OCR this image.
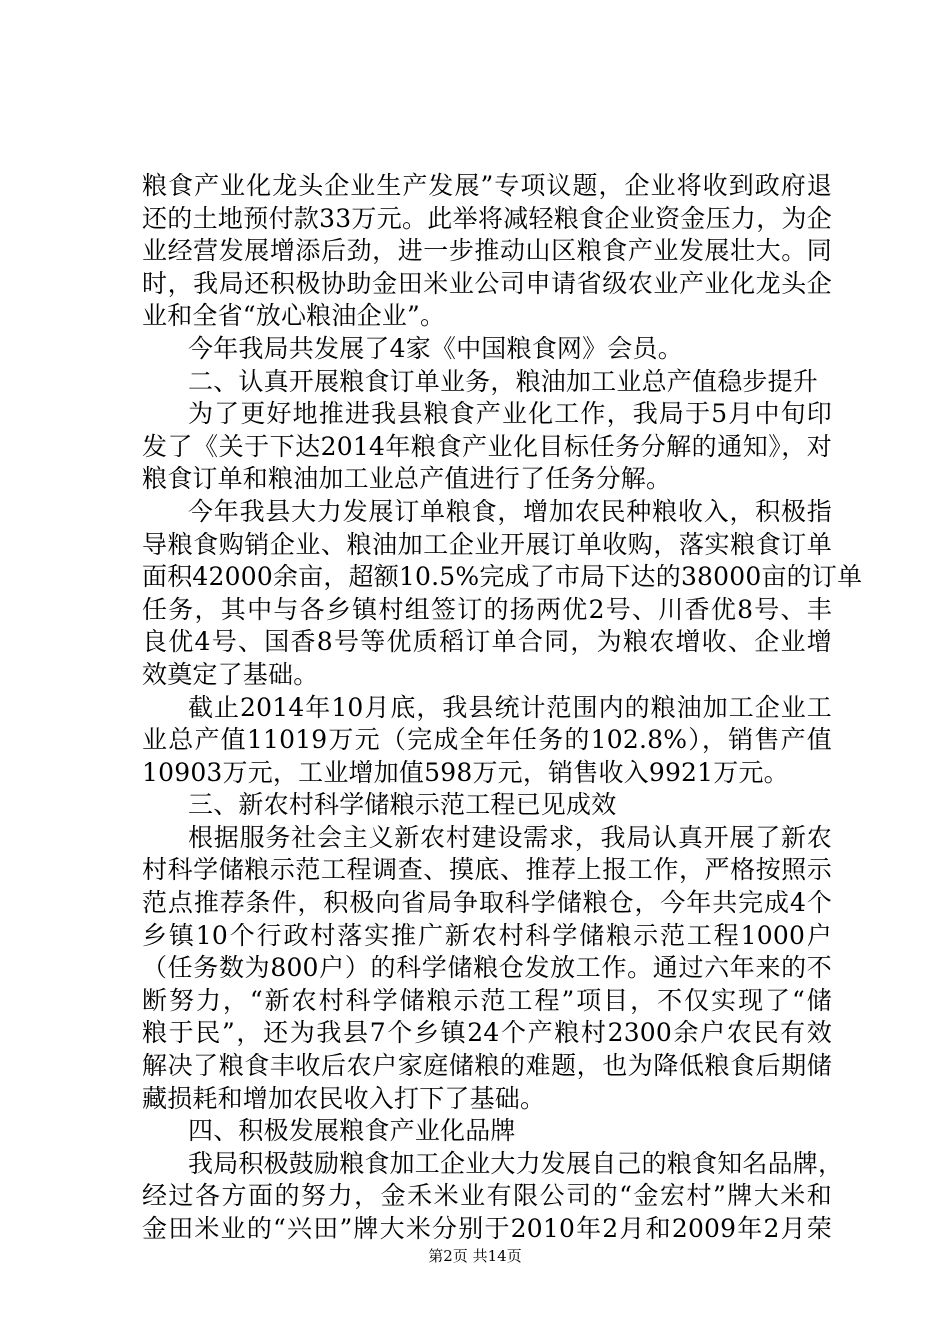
粮食产业化龙头企业生产发展”专项议题，企业将收到政府退
还的土地预付款33万元。此举将减轻粮食企业资金压力，为企
业经营发展增添后劲，进一步推动山区粮食产业发展壮大。同
时，我局还积极协助金田米业公司申请省级农业产业化龙头企
业和全省“放心粮油企业”。
今年我局共发展了4家《中国粮食网》会员。
二、认真开展粮食订单业务，粮油加工业总产值稳步提升
为了更好地推进我县粮食产业化工作，我局于5月中旬印
发了《关于下达2014年粮食产业化目标任务分解的通知》，对
粮食订单和粮油加工业总产值进行了任务分解。
今年我县大力发展订单粮食，增加农民种粮收入，积极指
导粮食购销企业、粮油加工企业开展订单收购，落实粮食订单
面积42000余亩，超额10.5%完成了市局下达的38000亩的订单
任务，其中与各乡镇村组签订的扬两优2号、川香优8号、丰
良优4号、国香8号等优质稻订单合同，为粮农增收、企业增
效奠定了基础。
截止2014年10月底，我县统计范围内的粮油加工企业工
业总产值11019万元（完成全年任务的102.8%），销售产值
10903万元，工业增加值598万元，销售收入9921万元。
三、新农村科学储粮示范工程已见成效
根据服务社会主义新农村建设需求，我局认真开展了新农
村科学储粮示范工程调查、摸底、推荐上报工作，严格按照示
范点推荐条件，积极向省局争取科学储粮仓，今年共完成4个
乡镇10个行政村落实推广新农村科学储粮示范工程1000户
（任务数为800户）的科学储粮仓发放工作。通过六年来的不
断努力，“新农村科学储粮示范工程”项目，不仅实现了“储
粮于民”，还为我县7个乡镇24个产粮村2300余户农民有效
解决了粮食丰收后农户家庭储粮的难题，也为降低粮食后期储
藏损耗和增加农民收入打下了基础。
四、积极发展粮食产业化品牌
我局积极鼓励粮食加工企业大力发展自己的粮食知名品牌，
经过各方面的努力，金禾米业有限公司的“金宏村”牌大米和
金田米业的“兴田”牌大米分别于2010年2月和2009年2月荣
第2页 共14页
